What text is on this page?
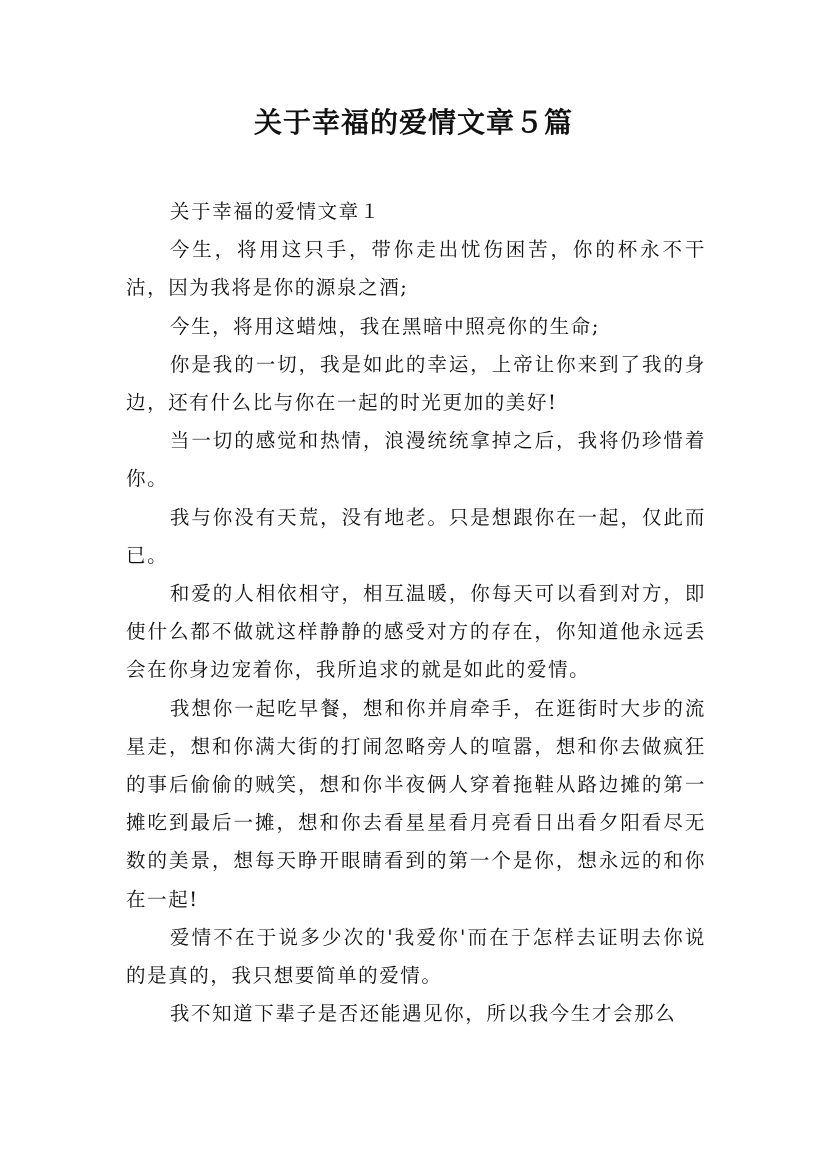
关于幸福的爱情文章５篇

关于幸福的爱情文章１

今生，将用这只手，带你走出忧伤困苦，你的杯永不干沽，因为我将是你的源泉之酒;

今生，将用这蜡烛，我在黑暗中照亮你的生命;

你是我的一切，我是如此的幸运，上帝让你来到了我的身边，还有什么比与你在一起的时光更加的美好!

当一切的感觉和热情，浪漫统统拿掉之后，我将仍珍惜着你。

我与你没有天荒，没有地老。只是想跟你在一起，仅此而已。

和爱的人相依相守，相互温暖，你每天可以看到对方，即使什么都不做就这样静静的感受对方的存在，你知道他永远丢会在你身边宠着你，我所追求的就是如此的爱情。

我想你一起吃早餐，想和你并肩牵手，在逛街时大步的流星走，想和你满大街的打闹忽略旁人的喧嚣，想和你去做疯狂的事后偷偷的贼笑，想和你半夜俩人穿着拖鞋从路边摊的第一摊吃到最后一摊，想和你去看星星看月亮看日出看夕阳看尽无数的美景，想每天睁开眼睛看到的第一个是你，想永远的和你在一起!

爱情不在于说多少次的'我爱你'而在于怎样去证明去你说的是真的，我只想要简单的爱情。

我不知道下辈子是否还能遇见你，所以我今生才会那么
